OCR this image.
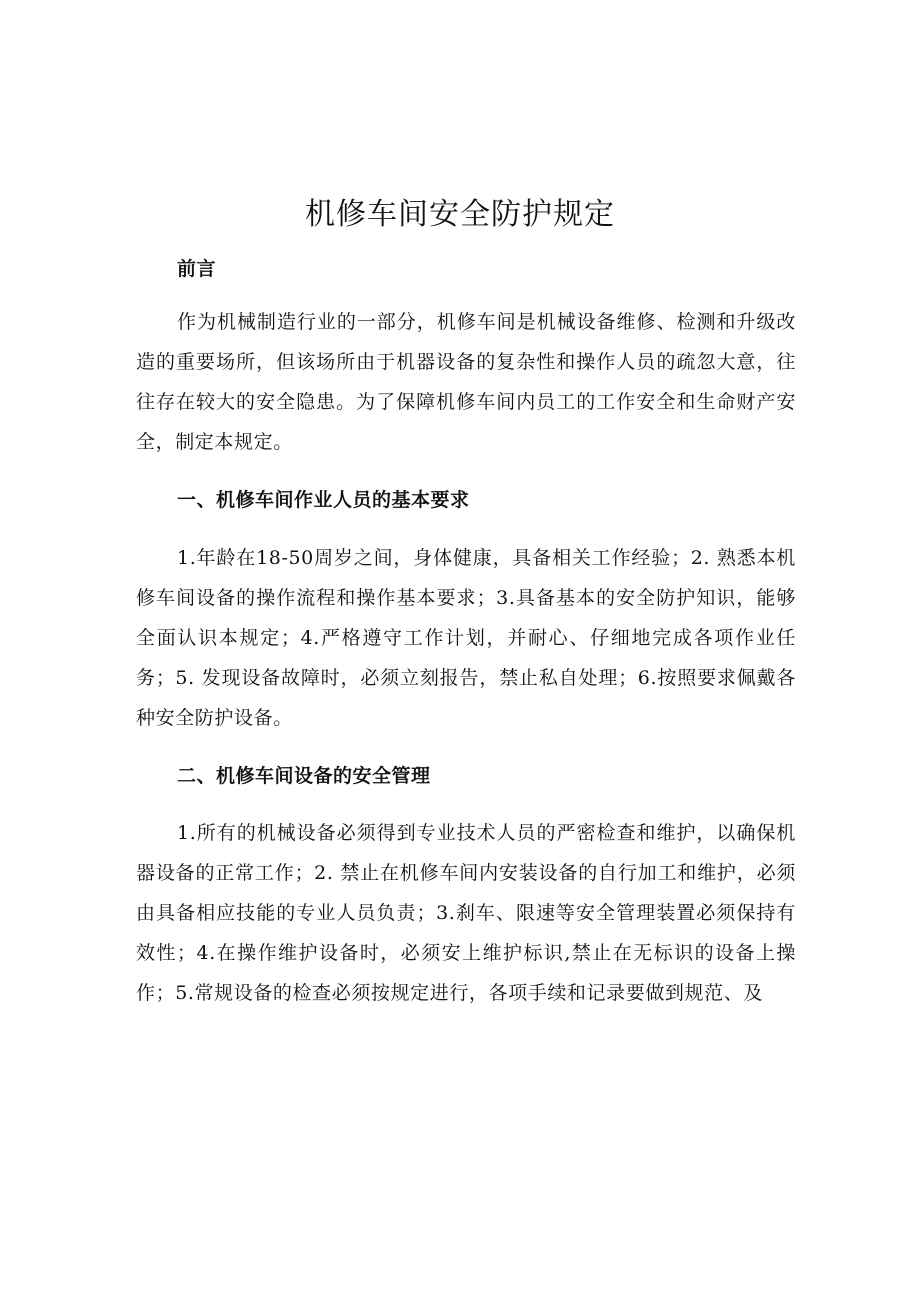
机修车间安全防护规定
前言

作为机械制造行业的一部分，机修车间是机械设备维修、检测和升级改造的重要场所，但该场所由于机器设备的复杂性和操作人员的疏忽大意，往往存在较大的安全隐患。为了保障机修车间内员工的工作安全和生命财产安全，制定本规定。

一、机修车间作业人员的基本要求

1.年龄在18-50周岁之间，身体健康，具备相关工作经验；2. 熟悉本机修车间设备的操作流程和操作基本要求；3.具备基本的安全防护知识，能够全面认识本规定；4.严格遵守工作计划，并耐心、仔细地完成各项作业任务；5. 发现设备故障时，必须立刻报告，禁止私自处理；6.按照要求佩戴各种安全防护设备。

二、机修车间设备的安全管理

1.所有的机械设备必须得到专业技术人员的严密检查和维护，以确保机器设备的正常工作；2. 禁止在机修车间内安装设备的自行加工和维护，必须由具备相应技能的专业人员负责；3.刹车、限速等安全管理装置必须保持有效性；4.在操作维护设备时，必须安上维护标识,禁止在无标识的设备上操作；5.常规设备的检查必须按规定进行，各项手续和记录要做到规范、及
